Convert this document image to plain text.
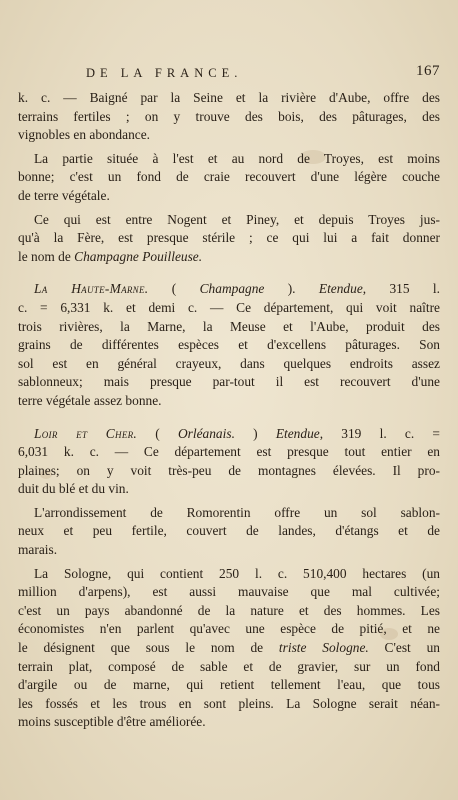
DE LA FRANCE.	167
k. c. — Baigné par la Seine et la rivière d'Aube, offre des
terrains fertiles ; on y trouve des bois, des pâturages, des
vignobles en abondance.
La partie située à l'est et au nord de Troyes, est moins
bonne; c'est un fond de craie recouvert d'une légère couche
de terre végétale.
Ce qui est entre Nogent et Piney, et depuis Troyes jus-
qu'à la Fère, est presque stérile ; ce qui lui a fait donner
le nom de Champagne Pouilleuse.
La Haute-Marne. ( Champagne ). Etendue, 315 l.
c. = 6,331 k. et demi c. — Ce département, qui voit naître
trois rivières, la Marne, la Meuse et l'Aube, produit des
grains de différentes espèces et d'excellens pâturages. Son
sol est en général crayeux, dans quelques endroits assez
sablonneux; mais presque par-tout il est recouvert d'une
terre végétale assez bonne.
Loir et Cher. ( Orléanais. ) Etendue, 319 l. c. =
6,031 k. c. — Ce département est presque tout entier en
plaines; on y voit très-peu de montagnes élevées. Il pro-
duit du blé et du vin.
L'arrondissement de Romorentin offre un sol sablon-
neux et peu fertile, couvert de landes, d'étangs et de
marais.
La Sologne, qui contient 250 l. c. 510,400 hectares (un
million d'arpens), est aussi mauvaise que mal cultivée;
c'est un pays abandonné de la nature et des hommes. Les
économistes n'en parlent qu'avec une espèce de pitié, et ne
le désignent que sous le nom de triste Sologne. C'est un
terrain plat, composé de sable et de gravier, sur un fond
d'argile ou de marne, qui retient tellement l'eau, que tous
les fossés et les trous en sont pleins. La Sologne serait néan-
moins susceptible d'être améliorée.
